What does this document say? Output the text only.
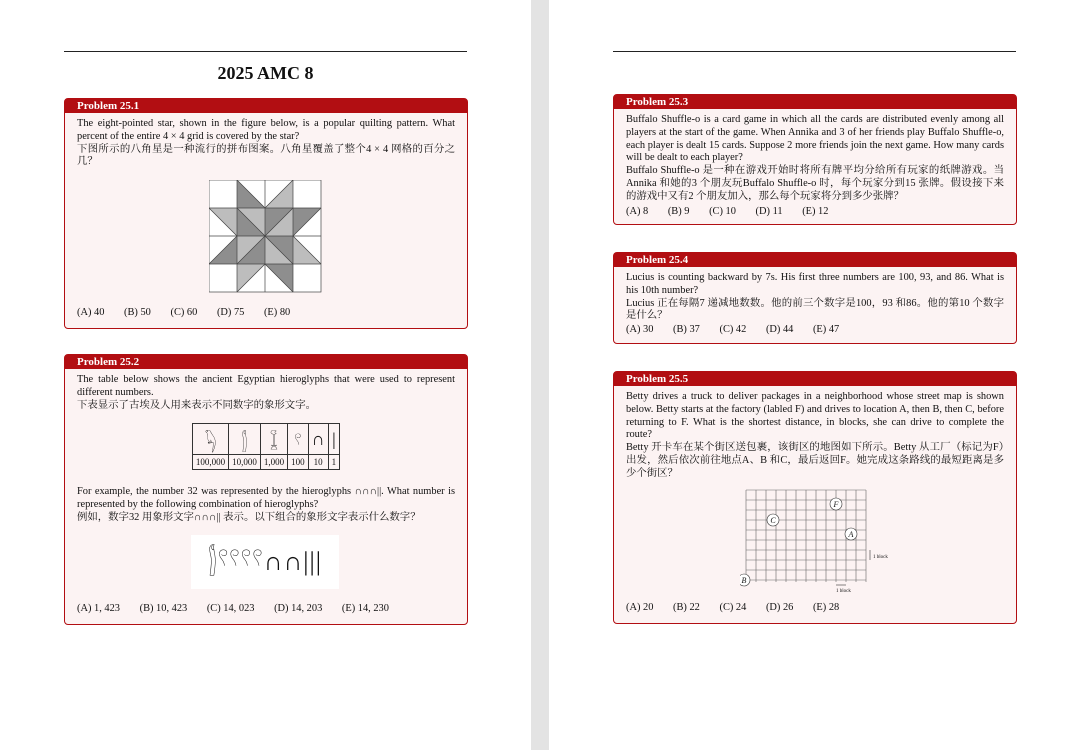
2025 AMC 8
Problem 25.1

The eight-pointed star, shown in the figure below, is a popular quilting pattern. What percent of the entire 4 × 4 grid is covered by the star?

下图所示的八角星是一种流行的拼布图案。八角星覆盖了整个4 × 4 网格的百分之几？

(A) 40 (B) 50 (C) 60 (D) 75 (E) 80
Problem 25.2

The table below shows the ancient Egyptian hieroglyphs that were used to represent different numbers.

下表显示了古埃及人用来表示不同数字的象形文字。

𓆐	𓂭	𓆼	𓍢	∩	|
100,000	10,000	1,000	100	10	1

For example, the number 32 was represented by the hieroglyphs ∩∩∩||. What number is represented by the following combination of hieroglyphs?

例如，数字32 用象形文字∩∩∩|| 表示。以下组合的象形文字表示什么数字？

𓂭𓍢𓍢𓍢𓍢∩∩|||
(A) 1, 423 (B) 10, 423 (C) 14, 023 (D) 14, 203 (E) 14, 230
Problem 25.3

Buffalo Shuffle-o is a card game in which all the cards are distributed evenly among all players at the start of the game. When Annika and 3 of her friends play Buffalo Shuffle-o, each player is dealt 15 cards. Suppose 2 more friends join the next game. How many cards will be dealt to each player?

Buffalo Shuffle-o 是一种在游戏开始时将所有牌平均分给所有玩家的纸牌游戏。当Annika 和她的3 个朋友玩Buffalo Shuffle-o 时，每个玩家分到15 张牌。假设接下来的游戏中又有2 个朋友加入，那么每个玩家将分到多少张牌？

(A) 8 (B) 9 (C) 10 (D) 11 (E) 12
Problem 25.4

Lucius is counting backward by 7s. His first three numbers are 100, 93, and 86. What is his 10th number?

Lucius 正在每隔7 递减地数数。他的前三个数字是100，93 和86。他的第10 个数字是什么？

(A) 30 (B) 37 (C) 42 (D) 44 (E) 47
Problem 25.5

Betty drives a truck to deliver packages in a neighborhood whose street map is shown below. Betty starts at the factory (labled F) and drives to location A, then B, then C, before returning to F. What is the shortest distance, in blocks, she can drive to complete the route?

Betty 开卡车在某个街区送包裹，该街区的地图如下所示。Betty 从工厂（标记为F）出发，然后依次前往地点A、B 和C，最后返回F。她完成这条路线的最短距离是多少个街区？

F
C
A
B
1 block
1 block
(A) 20 (B) 22 (C) 24 (D) 26 (E) 28
